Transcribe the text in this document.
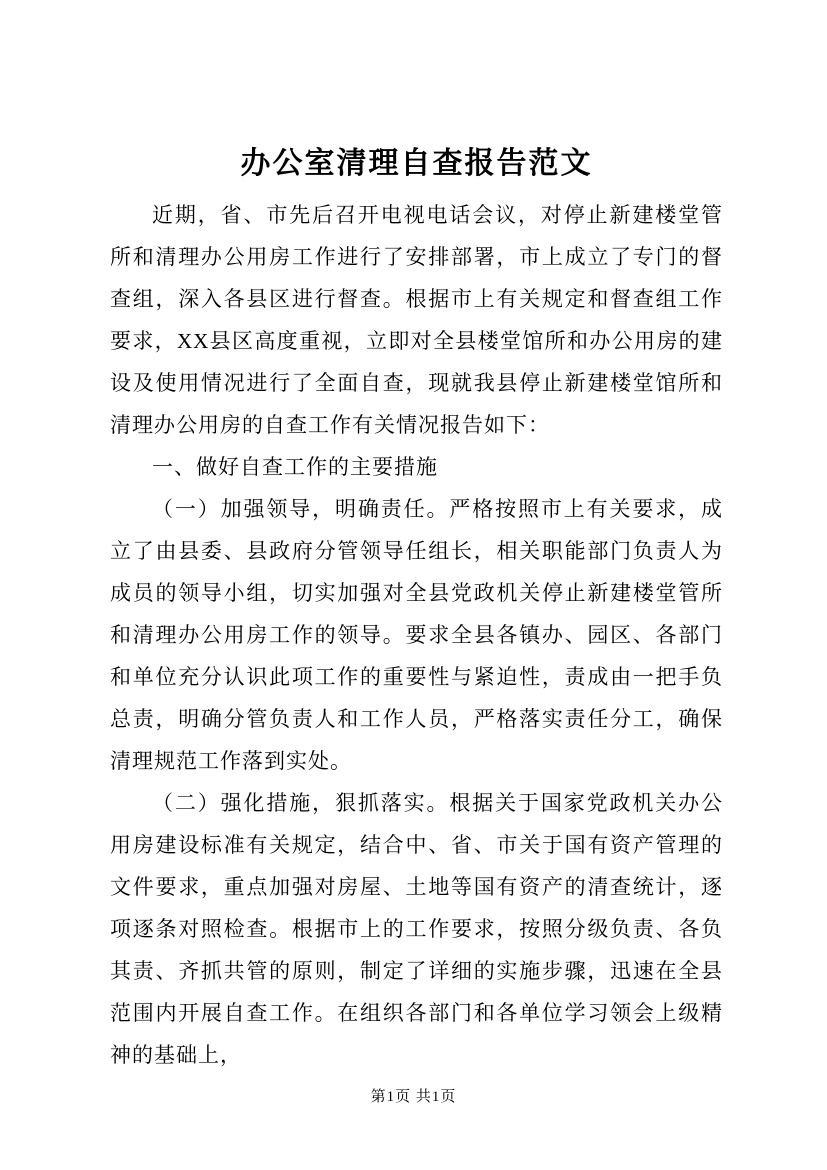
办公室清理自查报告范文

近期，省、市先后召开电视电话会议，对停止新建楼堂管所和清理办公用房工作进行了安排部署，市上成立了专门的督查组，深入各县区进行督查。根据市上有关规定和督查组工作要求，XX县区高度重视，立即对全县楼堂馆所和办公用房的建设及使用情况进行了全面自查，现就我县停止新建楼堂馆所和清理办公用房的自查工作有关情况报告如下：

一、做好自查工作的主要措施

（一）加强领导，明确责任。严格按照市上有关要求，成立了由县委、县政府分管领导任组长，相关职能部门负责人为成员的领导小组，切实加强对全县党政机关停止新建楼堂管所和清理办公用房工作的领导。要求全县各镇办、园区、各部门和单位充分认识此项工作的重要性与紧迫性，责成由一把手负总责，明确分管负责人和工作人员，严格落实责任分工，确保清理规范工作落到实处。

（二）强化措施，狠抓落实。根据关于国家党政机关办公用房建设标准有关规定，结合中、省、市关于国有资产管理的文件要求，重点加强对房屋、土地等国有资产的清查统计，逐项逐条对照检查。根据市上的工作要求，按照分级负责、各负其责、齐抓共管的原则，制定了详细的实施步骤，迅速在全县范围内开展自查工作。在组织各部门和各单位学习领会上级精神的基础上，

第1页 共1页
